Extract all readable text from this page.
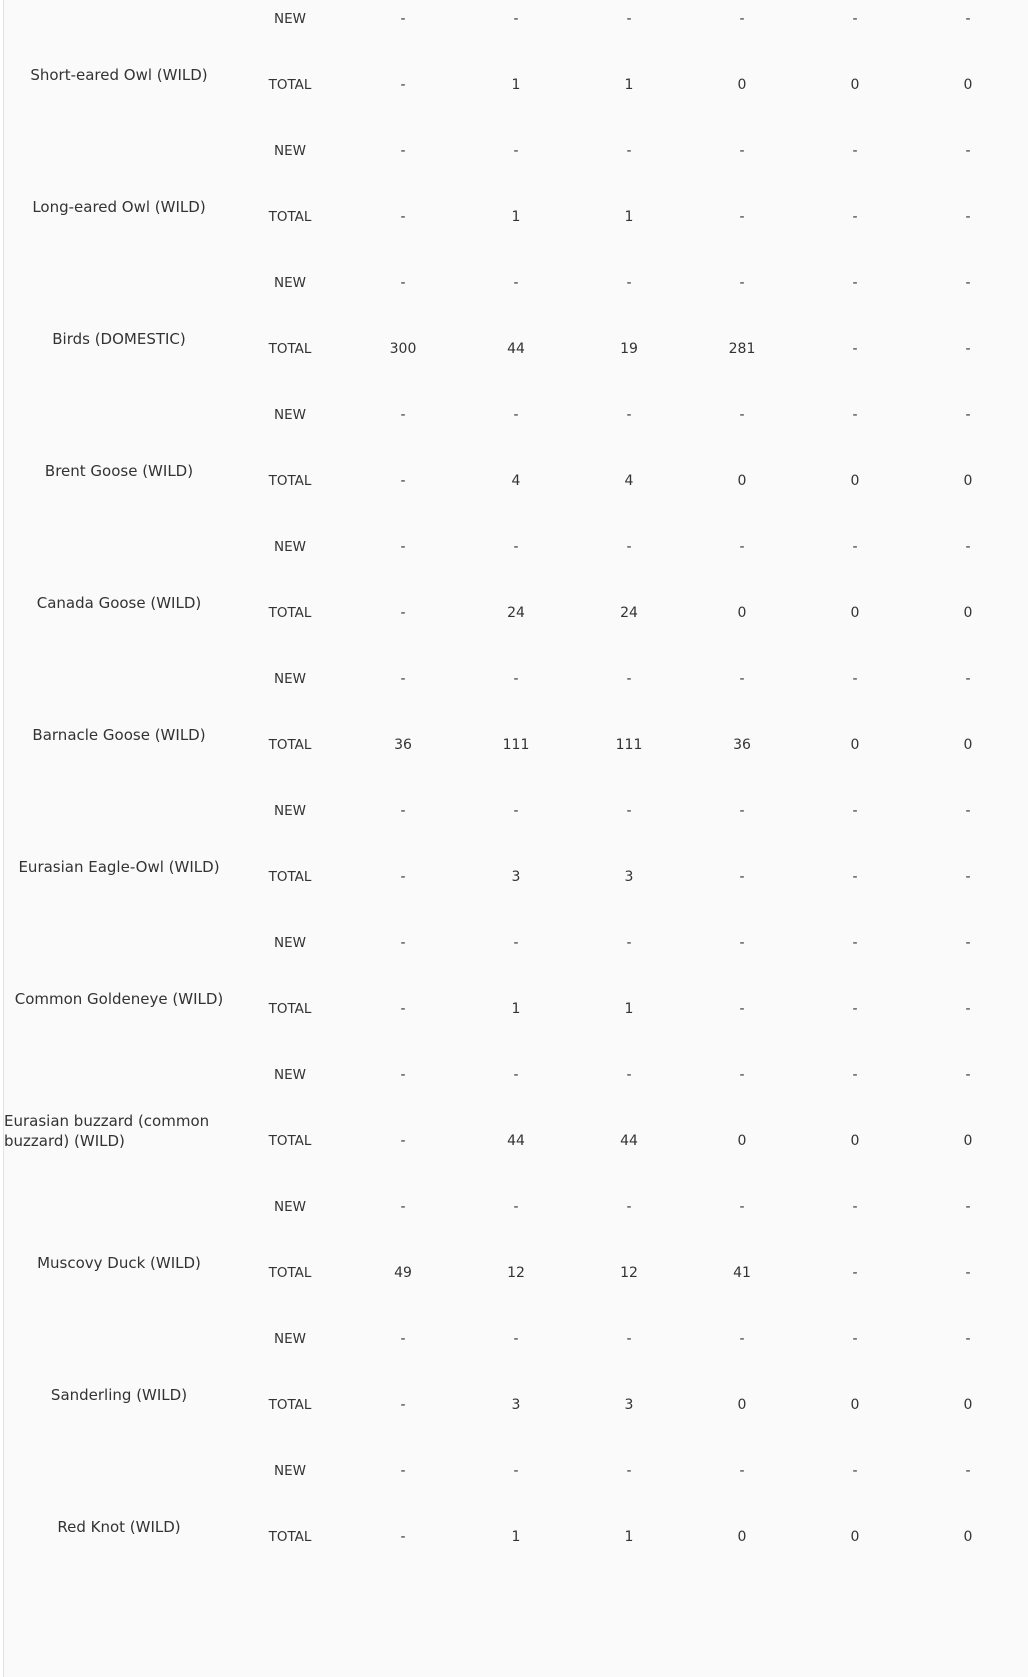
Short-eared Owl (WILD)
NEW	-	-	-	-	-	-
TOTAL	-	1	1	0	0	0
Long-eared Owl (WILD)
NEW	-	-	-	-	-	-
TOTAL	-	1	1	-	-	-
Birds (DOMESTIC)
NEW	-	-	-	-	-	-
TOTAL	300	44	19	281	-	-
Brent Goose (WILD)
NEW	-	-	-	-	-	-
TOTAL	-	4	4	0	0	0
Canada Goose (WILD)
NEW	-	-	-	-	-	-
TOTAL	-	24	24	0	0	0
Barnacle Goose (WILD)
NEW	-	-	-	-	-	-
TOTAL	36	111	111	36	0	0
Eurasian Eagle-Owl (WILD)
NEW	-	-	-	-	-	-
TOTAL	-	3	3	-	-	-
Common Goldeneye (WILD)
NEW	-	-	-	-	-	-
TOTAL	-	1	1	-	-	-
Eurasian buzzard (common buzzard) (WILD)
NEW	-	-	-	-	-	-
TOTAL	-	44	44	0	0	0
Muscovy Duck (WILD)
NEW	-	-	-	-	-	-
TOTAL	49	12	12	41	-	-
Sanderling (WILD)
NEW	-	-	-	-	-	-
TOTAL	-	3	3	0	0	0
Red Knot (WILD)
NEW	-	-	-	-	-	-
TOTAL	-	1	1	0	0	0
